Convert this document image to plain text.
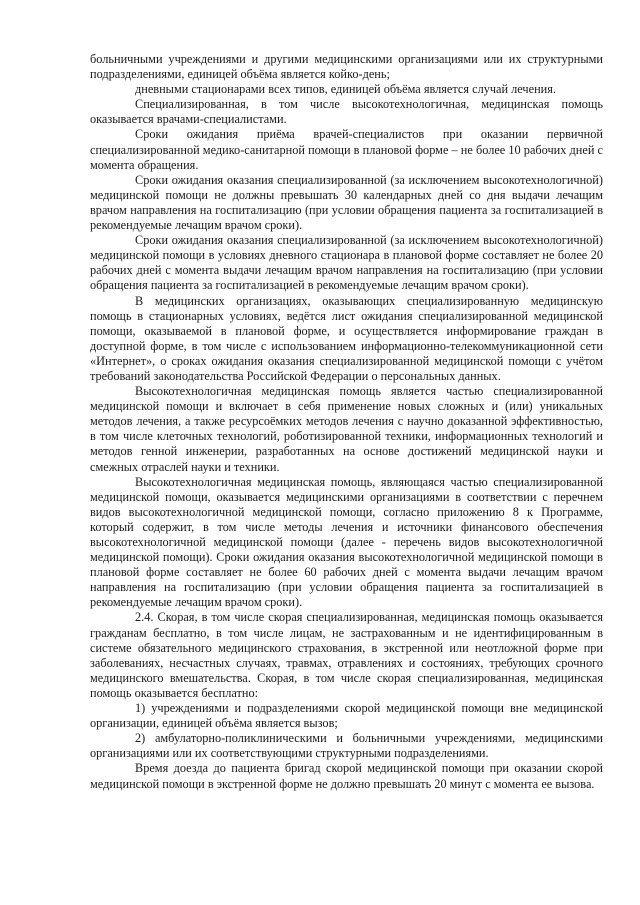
больничными учреждениями и другими медицинскими организациями или их структурными подразделениями, единицей объёма является койко-день;

дневными стационарами всех типов, единицей объёма является случай лечения.

Специализированная, в том числе высокотехнологичная, медицинская помощь оказывается врачами-специалистами.

Сроки ожидания приёма врачей-специалистов при оказании первичной специализированной медико-санитарной помощи в плановой форме – не более 10 рабочих дней с момента обращения.

Сроки ожидания оказания специализированной (за исключением высокотехнологичной) медицинской помощи не должны превышать 30 календарных дней со дня выдачи лечащим врачом направления на госпитализацию (при условии обращения пациента за госпитализацией в рекомендуемые лечащим врачом сроки).

Сроки ожидания оказания специализированной (за исключением высокотехнологичной) медицинской помощи в условиях дневного стационара в плановой форме составляет не более 20 рабочих дней с момента выдачи лечащим врачом направления на госпитализацию (при условии обращения пациента за госпитализацией в рекомендуемые лечащим врачом сроки).

В медицинских организациях, оказывающих специализированную медицинскую помощь в стационарных условиях, ведётся лист ожидания специализированной медицинской помощи, оказываемой в плановой форме, и осуществляется информирование граждан в доступной форме, в том числе с использованием информационно-телекоммуникационной сети «Интернет», о сроках ожидания оказания специализированной медицинской помощи с учётом требований законодательства Российской Федерации о персональных данных.

Высокотехнологичная медицинская помощь является частью специализированной медицинской помощи и включает в себя применение новых сложных и (или) уникальных методов лечения, а также ресурсоёмких методов лечения с научно доказанной эффективностью, в том числе клеточных технологий, роботизированной техники, информационных технологий и методов генной инженерии, разработанных на основе достижений медицинской науки и смежных отраслей науки и техники.

Высокотехнологичная медицинская помощь, являющаяся частью специализированной медицинской помощи, оказывается медицинскими организациями в соответствии с перечнем видов высокотехнологичной медицинской помощи, согласно приложению 8 к Программе, который содержит, в том числе методы лечения и источники финансового обеспечения высокотехнологичной медицинской помощи (далее - перечень видов высокотехнологичной медицинской помощи). Сроки ожидания оказания высокотехнологичной медицинской помощи в плановой форме составляет не более 60 рабочих дней с момента выдачи лечащим врачом направления на госпитализацию (при условии обращения пациента за госпитализацией в рекомендуемые лечащим врачом сроки).

2.4. Скорая, в том числе скорая специализированная, медицинская помощь оказывается гражданам бесплатно, в том числе лицам, не застрахованным и не идентифицированным в системе обязательного медицинского страхования, в экстренной или неотложной форме при заболеваниях, несчастных случаях, травмах, отравлениях и состояниях, требующих срочного медицинского вмешательства. Скорая, в том числе скорая специализированная, медицинская помощь оказывается бесплатно:

1) учреждениями и подразделениями скорой медицинской помощи вне медицинской организации, единицей объёма является вызов;

2) амбулаторно-поликлиническими и больничными учреждениями, медицинскими организациями или их соответствующими структурными подразделениями.

Время доезда до пациента бригад скорой медицинской помощи при оказании скорой медицинской помощи в экстренной форме не должно превышать 20 минут с момента ее вызова.
